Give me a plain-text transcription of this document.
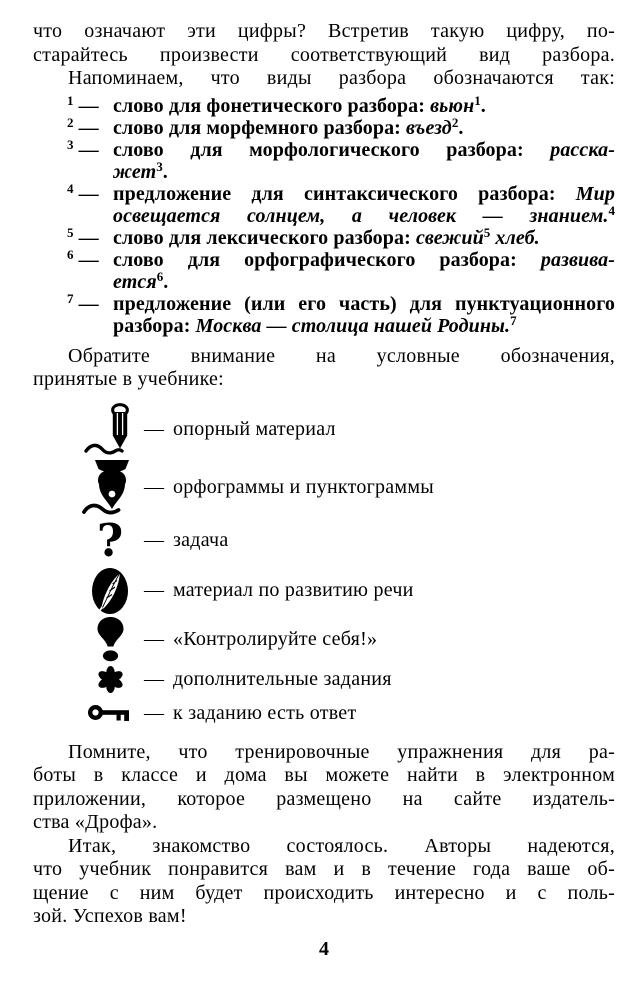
что означают эти цифры? Встретив такую цифру, по-
старайтесь произвести соответствующий вид разбора.
Напоминаем, что виды разбора обозначаются так:
$^1$ — слово для фонетического разбора: вьюн$^1$.
$^2$ — слово для морфемного разбора: въезд$^2$.
$^3$ — слово для морфологического разбора: расска-
жет$^3$.
$^4$ — предложение для синтаксического разбора: Мир
освещается солнцем, а человек — знанием.$^4$
$^5$ — слово для лексического разбора: свежий$^5$ хлеб.
$^6$ — слово для орфографического разбора: развива-
ется$^6$.
$^7$ — предложение (или его часть) для пунктуационного
разбора: Москва — столица нашей Родины.$^7$
Обратите внимание на условные обозначения,
принятые в учебнике:
— опорный материал
— орфограммы и пунктограммы
? — задача
— материал по развитию речи
— «Контролируйте себя!»
— дополнительные задания
— к заданию есть ответ
Помните, что тренировочные упражнения для ра-
боты в классе и дома вы можете найти в электронном
приложении, которое размещено на сайте издатель-
ства «Дрофа».
Итак, знакомство состоялось. Авторы надеются,
что учебник понравится вам и в течение года ваше об-
щение с ним будет происходить интересно и с поль-
зой. Успехов вам!
4
